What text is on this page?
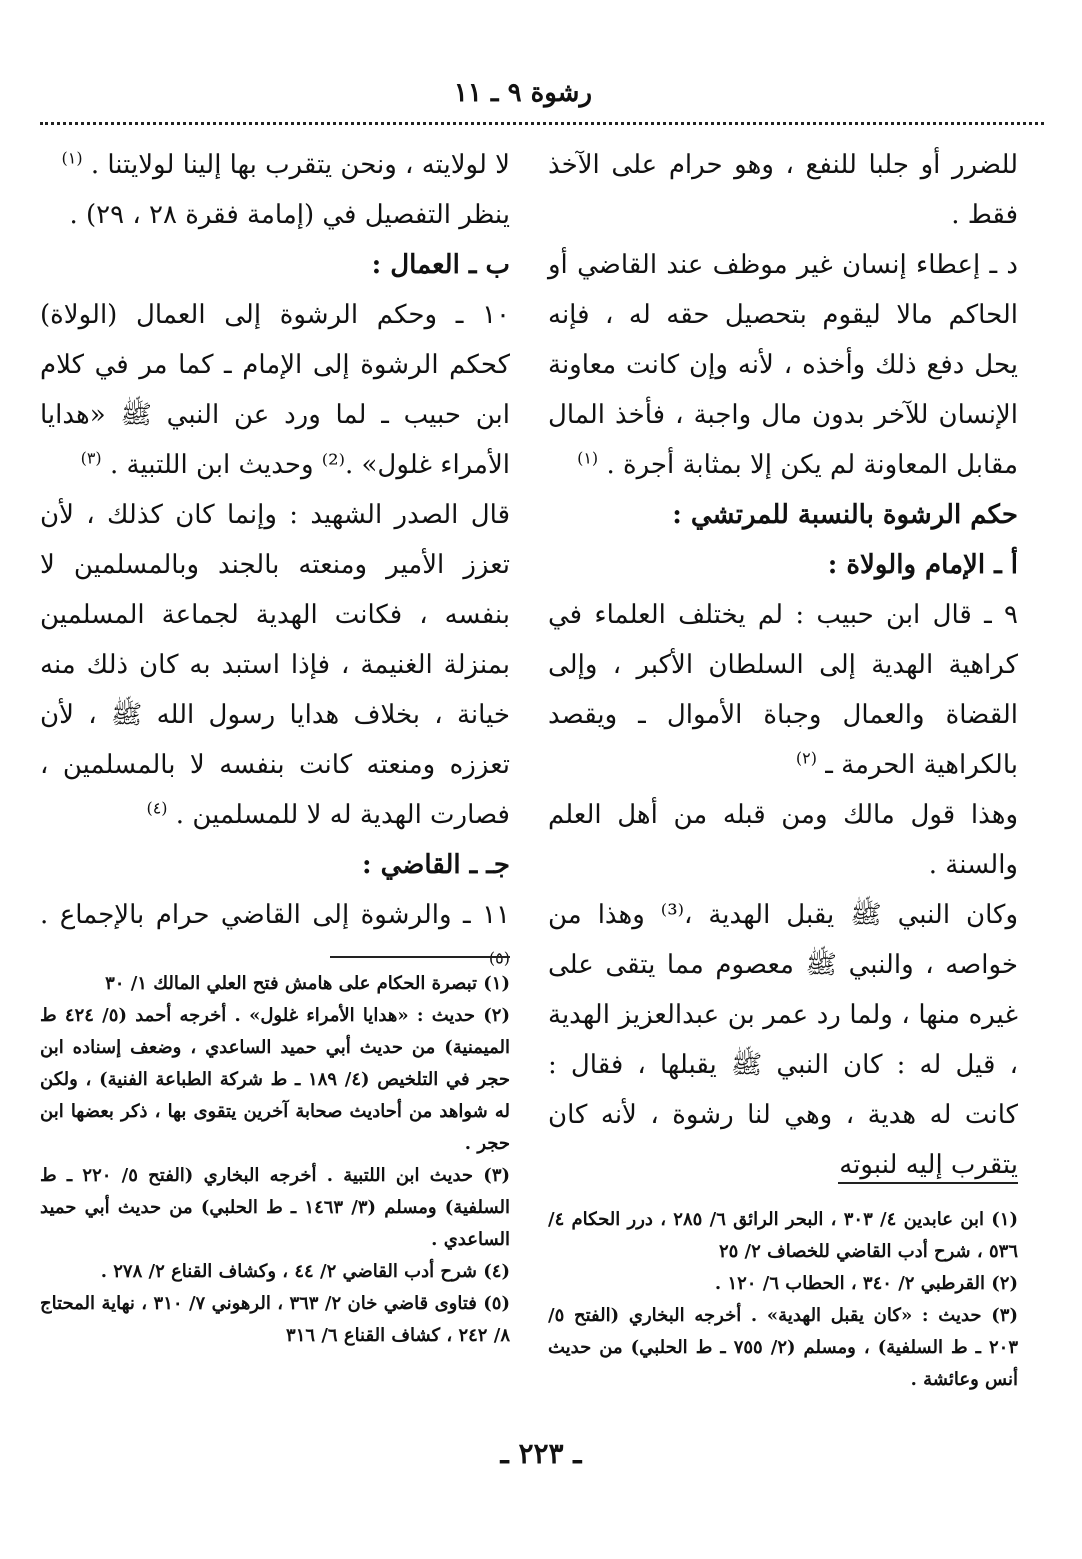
رشوة ٩ ـ ١١

للضرر أو جلبا للنفع ، وهو حرام على الآخذ فقط .

د ـ إعطاء إنسان غير موظف عند القاضي أو الحاكم مالا ليقوم بتحصيل حقه له ، فإنه يحل دفع ذلك وأخذه ، لأنه وإن كانت معاونة الإنسان للآخر بدون مال واجبة ، فأخذ المال مقابل المعاونة لم يكن إلا بمثابة أجرة . $^{(١)}$

حكم الرشوة بالنسبة للمرتشي :

أ ـ الإمام والولاة :

٩ ـ قال ابن حبيب : لم يختلف العلماء في كراهية الهدية إلى السلطان الأكبر ، وإلى القضاة والعمال وجباة الأموال ـ ويقصد بالكراهية الحرمة ـ $^{(٢)}$

وهذا قول مالك ومن قبله من أهل العلم والسنة .

وكان النبي ﷺ يقبل الهدية ،⁽³⁾ وهذا من خواصه ، والنبي ﷺ معصوم مما يتقى على غيره منها ، ولما رد عمر بن عبدالعزيز الهدية ، قيل له : كان النبي ﷺ يقبلها ، فقال : كانت له هدية ، وهي لنا رشوة ، لأنه كان يتقرب إليه لنبوته

لا لولايته ، ونحن يتقرب بها إلينا لولايتنا . $^{(١)}$

ينظر التفصيل في (إمامة فقرة ٢٨ ، ٢٩) .

ب ـ العمال :

١٠ ـ وحكم الرشوة إلى العمال (الولاة) كحكم الرشوة إلى الإمام ـ كما مر في كلام ابن حبيب ـ لما ورد عن النبي ﷺ «هدايا الأمراء غلول» .⁽²⁾ وحديث ابن اللتبية . $^{(٣)}$

قال الصدر الشهيد : وإنما كان كذلك ، لأن تعزز الأمير ومنعته بالجند وبالمسلمين لا بنفسه ، فكانت الهدية لجماعة المسلمين بمنزلة الغنيمة ، فإذا استبد به كان ذلك منه خيانة ، بخلاف هدايا رسول الله ﷺ ، لأن تعززه ومنعته كانت بنفسه لا بالمسلمين ، فصارت الهدية له لا للمسلمين . $^{(٤)}$

جـ ـ القاضي :

١١ ـ والرشوة إلى القاضي حرام بالإجماع . $^{(٥)}$

(١) تبصرة الحكام على هامش فتح العلي المالك ١/ ٣٠

(٢) حديث : «هدايا الأمراء غلول» . أخرجه أحمد (٥/ ٤٢٤ ط الميمنية) من حديث أبي حميد الساعدي ، وضعف إسناده ابن حجر في التلخيص (٤/ ١٨٩ ـ ط شركة الطباعة الفنية) ، ولكن له شواهد من أحاديث صحابة آخرين يتقوى بها ، ذكر بعضها ابن حجر .

(٣) حديث ابن اللتبية . أخرجه البخاري (الفتح ٥/ ٢٢٠ ـ ط السلفية) ومسلم (٣/ ١٤٦٣ ـ ط الحلبي) من حديث أبي حميد الساعدي .

(٤) شرح أدب القاضي ٢/ ٤٤ ، وكشاف القناع ٢/ ٢٧٨ .

(٥) فتاوى قاضي خان ٢/ ٣٦٣ ، الرهوني ٧/ ٣١٠ ، نهاية المحتاج ٨/ ٢٤٢ ، كشاف القناع ٦/ ٣١٦

(١) ابن عابدين ٤/ ٣٠٣ ، البحر الرائق ٦/ ٢٨٥ ، درر الحكام ٤/ ٥٣٦ ، شرح أدب القاضي للخصاف ٢/ ٢٥

(٢) القرطبي ٢/ ٣٤٠ ، الحطاب ٦/ ١٢٠ .

(٣) حديث : «كان يقبل الهدية» . أخرجه البخاري (الفتح ٥/ ٢٠٣ ـ ط السلفية) ، ومسلم (٢/ ٧٥٥ ـ ط الحلبي) من حديث أنس وعائشة .

ـ ٢٢٣ ـ
